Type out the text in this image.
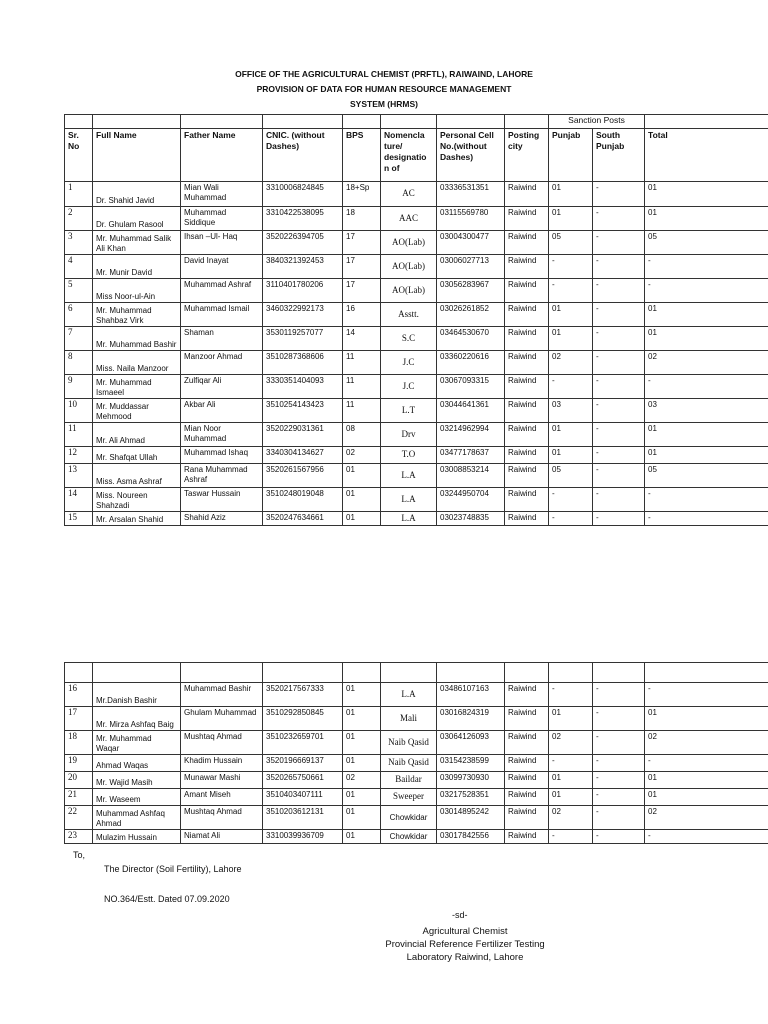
OFFICE OF THE AGRICULTURAL CHEMIST (PRFTL), RAIWAIND, LAHORE
PROVISION OF DATA FOR HUMAN RESOURCE MANAGEMENT
SYSTEM (HRMS)
								Sanction Posts		
Sr. No	Full Name	Father Name	CNIC. (without Dashes)	BPS	Nomencla ture/ designatio n of	Personal Cell No.(without Dashes)	Posting city	Punjab	South Punjab	Total
1	Dr. Shahid Javid	Mian Wali Muhammad	3310006824845	18+Sp	AC	03336531351	Raiwind	01	-	01
2	Dr. Ghulam Rasool	Muhammad Siddique	3310422538095	18	AAC	03115569780	Raiwind	01	-	01
3	Mr. Muhammad Salik Ali Khan	Ihsan –Ul- Haq	3520226394705	17	AO(Lab)	03004300477	Raiwind	05	-	05
4	Mr. Munir David	David Inayat	3840321392453	17	AO(Lab)	03006027713	Raiwind	-	-	-
5	Miss Noor-ul-Ain	Muhammad Ashraf	3110401780206	17	AO(Lab)	03056283967	Raiwind	-	-	-
6	Mr. Muhammad Shahbaz Virk	Muhammad Ismail	3460322992173	16	Asstt.	03026261852	Raiwind	01	-	01
7	Mr. Muhammad Bashir	Shaman	3530119257077	14	S.C	03464530670	Raiwind	01	-	01
8	Miss. Naila Manzoor	Manzoor Ahmad	3510287368606	11	J.C	03360220616	Raiwind	02	-	02
9	Mr. Muhammad Ismaeel	Zulfiqar Ali	3330351404093	11	J.C	03067093315	Raiwind	-	-	-
10	Mr. Muddassar Mehmood	Akbar Ali	3510254143423	11	L.T	03044641361	Raiwind	03	-	03
11	Mr. Ali Ahmad	Mian Noor Muhammad	3520229031361	08	Drv	03214962994	Raiwind	01	-	01
12	Mr. Shafqat Ullah	Muhammad Ishaq	3340304134627	02	T.O	03477178637	Raiwind	01	-	01
13	Miss. Asma Ashraf	Rana Muhammad Ashraf	3520261567956	01	L.A	03008853214	Raiwind	05	-	05
14	Miss. Noureen Shahzadi	Taswar Hussain	3510248019048	01	L.A	03244950704	Raiwind	-	-	-
15	Mr. Arsalan Shahid	Shahid Aziz	3520247634661	01	L.A	03023748835	Raiwind	-	-	-

16	Mr.Danish Bashir	Muhammad Bashir	3520217567333	01	L.A	03486107163	Raiwind	-	-	-
17	Mr. Mirza Ashfaq Baig	Ghulam Muhammad	3510292850845	01	Mali	03016824319	Raiwind	01	-	01
18	Mr. Muhammad Waqar	Mushtaq Ahmad	3510232659701	01	Naib Qasid	03064126093	Raiwind	02	-	02
19	Ahmad Waqas	Khadim Hussain	3520196669137	01	Naib Qasid	03154238599	Raiwind	-	-	-
20	Mr. Wajid Masih	Munawar Mashi	3520265750661	02	Baildar	03099730930	Raiwind	01	-	01
21	Mr. Waseem	Amant Miseh	3510403407111	01	Sweeper	03217528351	Raiwind	01	-	01
22	Muhammad Ashfaq Ahmad	Mushtaq Ahmad	3510203612131	01	Chowkidar	03014895242	Raiwind	02	-	02
23	Mulazim Hussain	Niamat Ali	3310039936709	01	Chowkidar	03017842556	Raiwind	-	-	-
To,
The Director (Soil Fertility), Lahore
NO.364/Estt. Dated 07.09.2020
-sd-
Agricultural Chemist
Provincial Reference Fertilizer Testing
Laboratory Raiwind, Lahore
